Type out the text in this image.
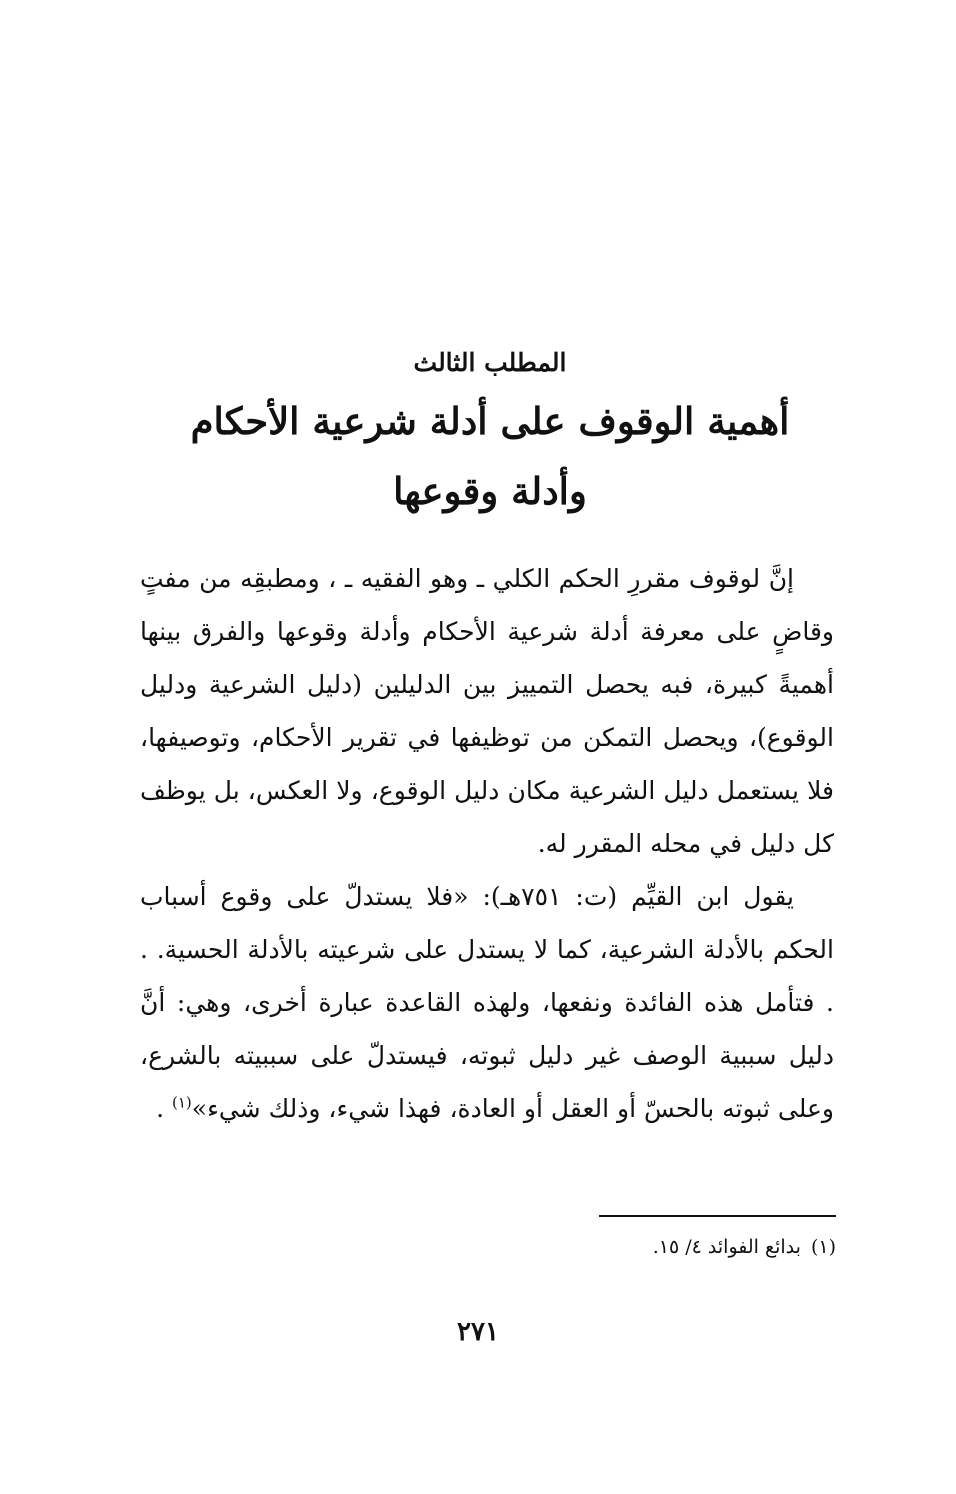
المطلب الثالث

أهمية الوقوف على أدلة شرعية الأحكام

وأدلة وقوعها

إنَّ لوقوف مقررِ الحكم الكلي ـ وهو الفقيه ـ ، ومطبقِه من مفتٍ وقاضٍ على معرفة أدلة شرعية الأحكام وأدلة وقوعها والفرق بينها أهميةً كبيرة، فبه يحصل التمييز بين الدليلين (دليل الشرعية ودليل الوقوع)، ويحصل التمكن من توظيفها في تقرير الأحكام، وتوصيفها، فلا يستعمل دليل الشرعية مكان دليل الوقوع، ولا العكس، بل يوظف كل دليل في محله المقرر له.

يقول ابن القيِّم (ت: ٧٥١هـ): «فلا يستدلّ على وقوع أسباب الحكم بالأدلة الشرعية، كما لا يستدل على شرعيته بالأدلة الحسية. . . فتأمل هذه الفائدة ونفعها، ولهذه القاعدة عبارة أخرى، وهي: أنَّ دليل سببية الوصف غير دليل ثبوته، فيستدلّ على سببيته بالشرع، وعلى ثبوته بالحسّ أو العقل أو العادة، فهذا شيء، وذلك شيء»$^{(١)}$ .

(١)بدائع الفوائد ٤/ ١٥.
٢٧١
